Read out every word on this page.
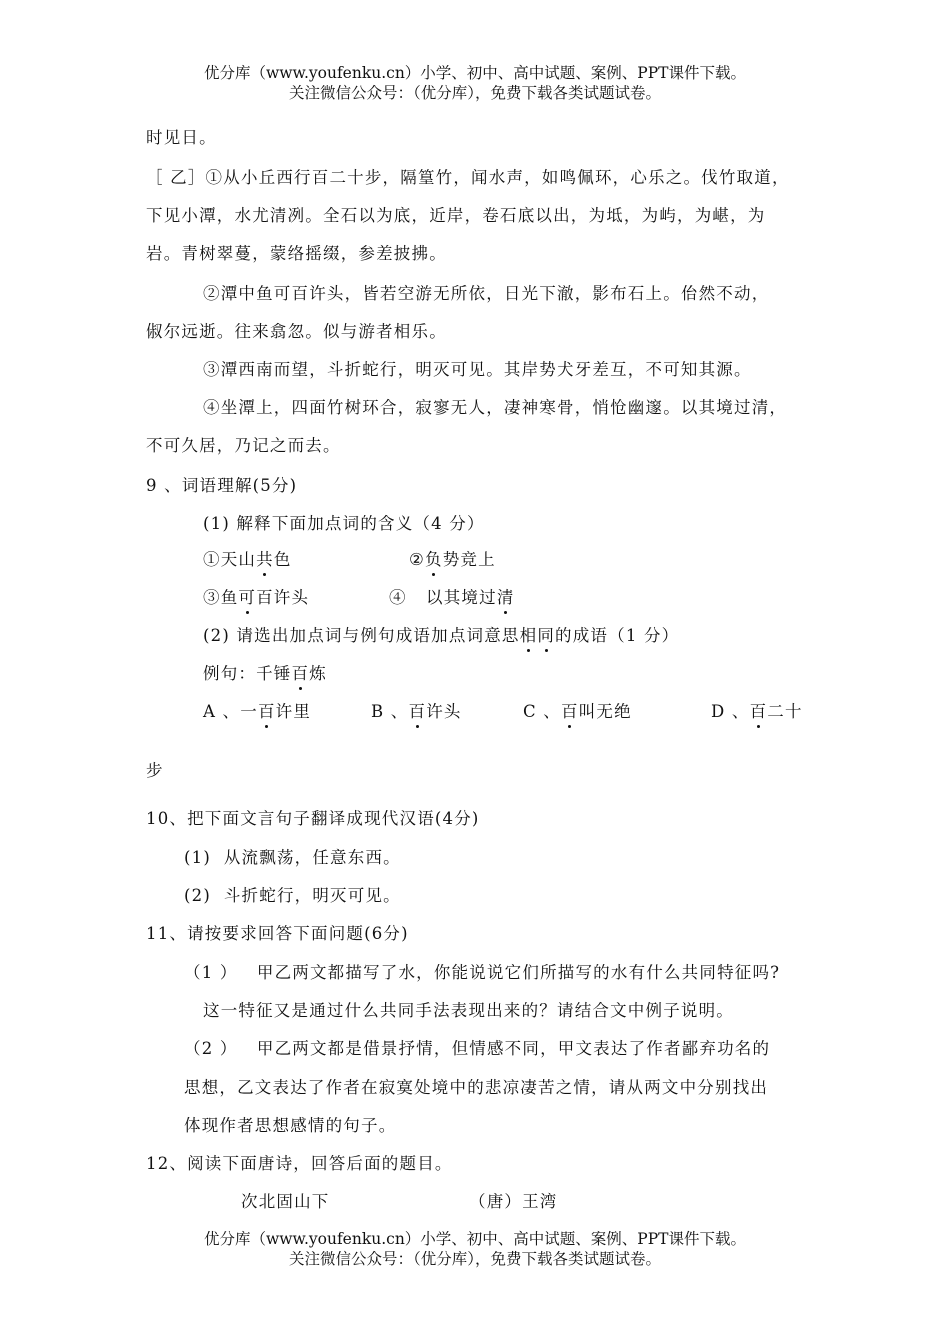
优分库（www.youfenku.cn）小学、初中、高中试题、案例、PPT课件下载。
关注微信公众号：（优分库），免费下载各类试题试卷。
时见日。
［ 乙］①从小丘西行百二十步，隔篁竹，闻水声，如鸣佩环，心乐之。伐竹取道，
下见小潭，水尤清冽。全石以为底，近岸，卷石底以出，为坻，为屿，为嵁，为
岩。青树翠蔓，蒙络摇缀，参差披拂。
②潭中鱼可百许头，皆若空游无所依，日光下澈，影布石上。佁然不动，
俶尔远逝。往来翕忽。似与游者相乐。
③潭西南而望，斗折蛇行，明灭可见。其岸势犬牙差互，不可知其源。
④坐潭上，四面竹树环合，寂寥无人，凄神寒骨，悄怆幽邃。以其境过清，
不可久居，乃记之而去。
9 、词语理解(5分)
(1) 解释下面加点词的含义（4 分）
①天山共色	②负势竞上
③鱼可百许头	④   以其境过清
(2) 请选出加点词与例句成语加点词意思相同的成语（1 分）
例句：千锤百炼
A 、一百许里	B 、百许头	C 、百叫无绝	D 、百二十
步
10、把下面文言句子翻译成现代汉语(4分)
(1)  从流飘荡，任意东西。
(2)  斗折蛇行，明灭可见。
11、请按要求回答下面问题(6分)
（1 ）   甲乙两文都描写了水，你能说说它们所描写的水有什么共同特征吗?
这一特征又是通过什么共同手法表现出来的？请结合文中例子说明。
（2 ）   甲乙两文都是借景抒情，但情感不同，甲文表达了作者鄙弃功名的
思想，乙文表达了作者在寂寞处境中的悲凉凄苦之情，请从两文中分别找出
体现作者思想感情的句子。
12、阅读下面唐诗，回答后面的题目。
次北固山下	（唐）王湾
优分库（www.youfenku.cn）小学、初中、高中试题、案例、PPT课件下载。
关注微信公众号：（优分库），免费下载各类试题试卷。
